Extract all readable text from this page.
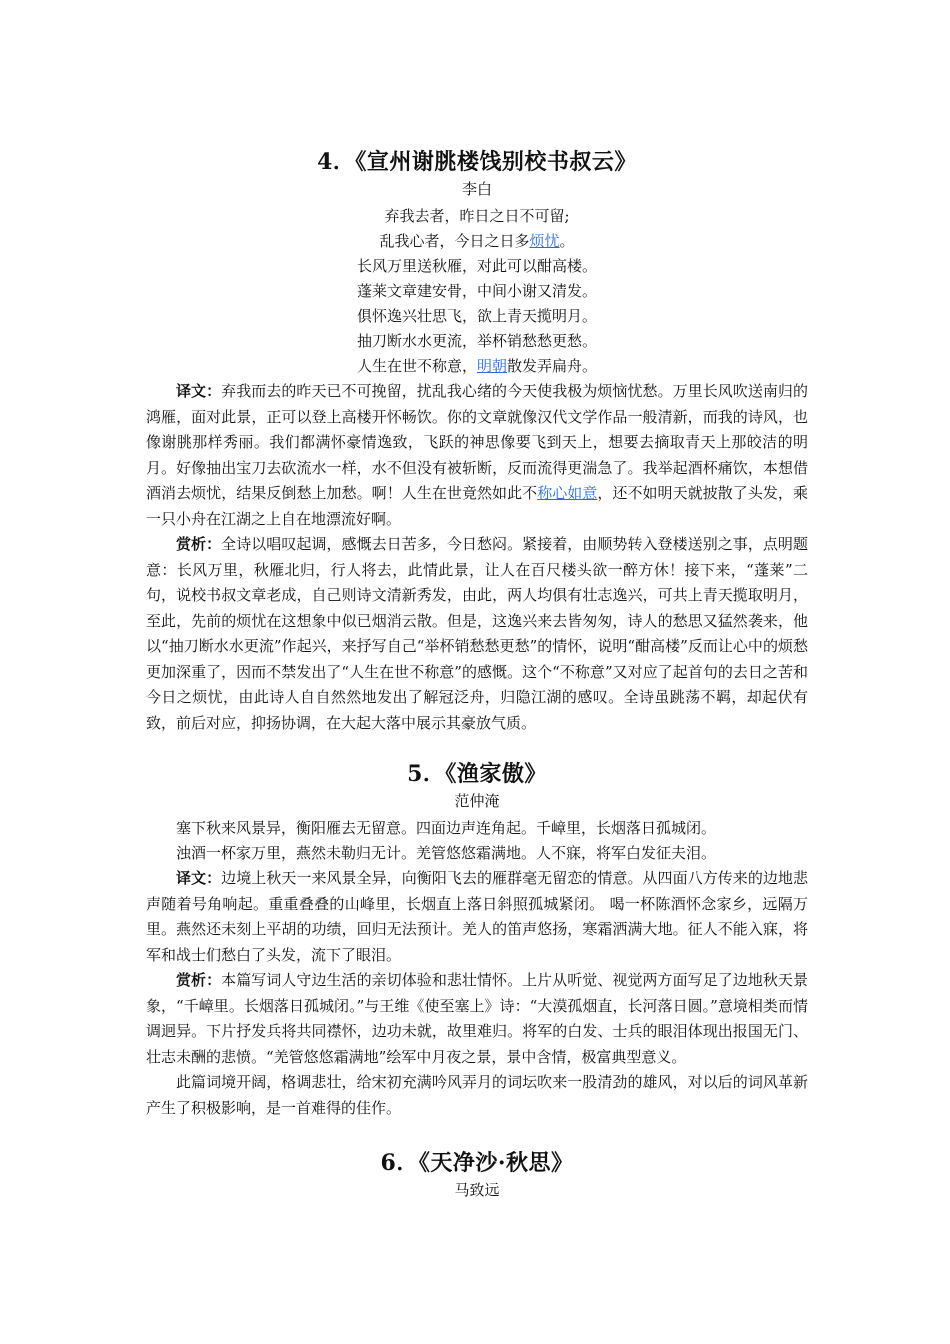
4．《宣州谢朓楼饯别校书叔云》

李白

弃我去者，昨日之日不可留;

乱我心者，今日之日多烦忧。

长风万里送秋雁，对此可以酣高楼。

蓬莱文章建安骨，中间小谢又清发。

俱怀逸兴壮思飞，欲上青天揽明月。

抽刀断水水更流，举杯销愁愁更愁。

人生在世不称意，明朝散发弄扁舟。

译文：弃我而去的昨天已不可挽留，扰乱我心绪的今天使我极为烦恼忧愁。万里长风吹送南归的鸿雁，面对此景，正可以登上高楼开怀畅饮。你的文章就像汉代文学作品一般清新，而我的诗风，也像谢朓那样秀丽。我们都满怀豪情逸致，飞跃的神思像要飞到天上，想要去摘取青天上那皎洁的明月。好像抽出宝刀去砍流水一样，水不但没有被斩断，反而流得更湍急了。我举起酒杯痛饮，本想借酒消去烦忧，结果反倒愁上加愁。啊！人生在世竟然如此不称心如意，还不如明天就披散了头发，乘一只小舟在江湖之上自在地漂流好啊。

赏析：全诗以唱叹起调，感慨去日苦多，今日愁闷。紧接着，由顺势转入登楼送别之事，点明题意：长风万里，秋雁北归，行人将去，此情此景，让人在百尺楼头欲一醉方休！接下来，“蓬莱”二句，说校书叔文章老成，自己则诗文清新秀发，由此，两人均俱有壮志逸兴，可共上青天揽取明月，至此，先前的烦忧在这想象中似已烟消云散。但是，这逸兴来去皆匆匆，诗人的愁思又猛然袭来，他以“抽刀断水水更流”作起兴，来抒写自己“举杯销愁愁更愁”的情怀，说明“酣高楼”反而让心中的烦愁更加深重了，因而不禁发出了“人生在世不称意”的感慨。这个“不称意”又对应了起首句的去日之苦和今日之烦忧，由此诗人自自然然地发出了解冠泛舟，归隐江湖的感叹。全诗虽跳荡不羁，却起伏有致，前后对应，抑扬协调，在大起大落中展示其豪放气质。

5．《渔家傲》

范仲淹

塞下秋来风景异，衡阳雁去无留意。四面边声连角起。千嶂里，长烟落日孤城闭。

浊酒一杯家万里，燕然未勒归无计。羌管悠悠霜满地。人不寐，将军白发征夫泪。

译文：边境上秋天一来风景全异，向衡阳飞去的雁群毫无留恋的情意。从四面八方传来的边地悲声随着号角响起。重重叠叠的山峰里，长烟直上落日斜照孤城紧闭。 喝一杯陈酒怀念家乡，远隔万里。燕然还未刻上平胡的功绩，回归无法预计。羌人的笛声悠扬，寒霜洒满大地。征人不能入寐，将军和战士们愁白了头发，流下了眼泪。

赏析：本篇写词人守边生活的亲切体验和悲壮情怀。上片从听觉、视觉两方面写足了边地秋天景象，“千嶂里。长烟落日孤城闭。”与王维《使至塞上》诗：“大漠孤烟直，长河落日圆。”意境相类而情调迥异。下片抒发兵将共同襟怀，边功未就，故里难归。将军的白发、士兵的眼泪体现出报国无门、壮志未酬的悲愤。“羌管悠悠霜满地”绘军中月夜之景，景中含情，极富典型意义。

此篇词境开阔，格调悲壮，给宋初充满吟风弄月的词坛吹来一股清劲的雄风，对以后的词风革新产生了积极影响，是一首难得的佳作。

6．《天净沙·秋思》

马致远
